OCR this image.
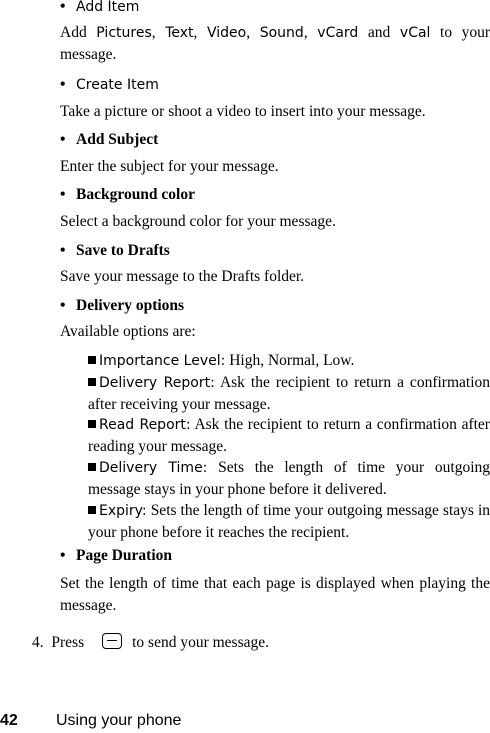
• Add Item
Add Pictures, Text, Video, Sound, vCard and vCal to your message.
• Create Item
Take a picture or shoot a video to insert into your message.
• Add Subject
Enter the subject for your message.
• Background color
Select a background color for your message.
• Save to Drafts
Save your message to the Drafts folder.
• Delivery options
Available options are:
Importance Level: High, Normal, Low.
Delivery Report: Ask the recipient to return a confirmation after receiving your message.
Read Report: Ask the recipient to return a confirmation after reading your message.
Delivery Time: Sets the length of time your outgoing message stays in your phone before it delivered.
Expiry: Sets the length of time your outgoing message stays in your phone before it reaches the recipient.
• Page Duration
Set the length of time that each page is displayed when playing the message.
4. Press	to send your message.
42 Using your phone
